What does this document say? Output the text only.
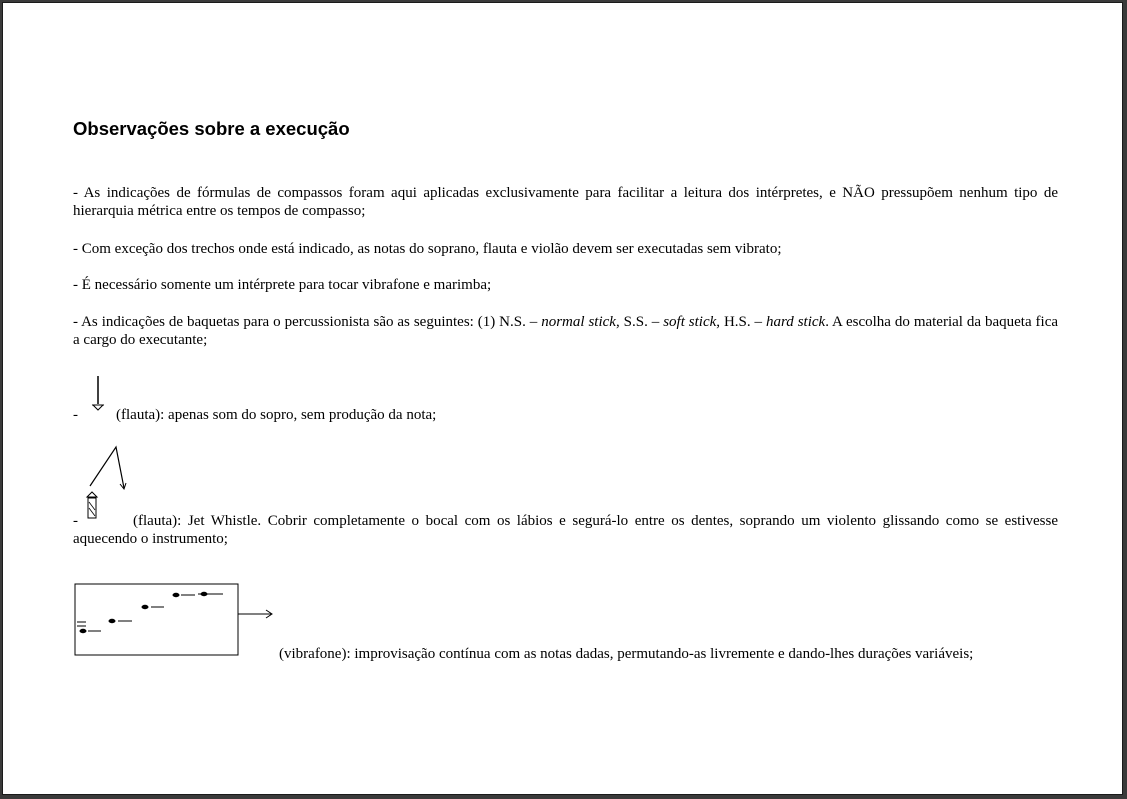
Observações sobre a execução

- As indicações de fórmulas de compassos foram aqui aplicadas exclusivamente para facilitar a leitura dos intérpretes, e NÃO pressupõem nenhum tipo de hierarquia métrica entre os tempos de compasso;

- Com exceção dos trechos onde está indicado, as notas do soprano, flauta e violão devem ser executadas sem vibrato;

- É necessário somente um intérprete para tocar vibrafone e marimba;

- As indicações de baquetas para o percussionista são as seguintes: (1) N.S. – normal stick, S.S. – soft stick, H.S. – hard stick. A escolha do material da baqueta fica a cargo do executante;

-	(flauta): apenas som do sopro, sem produção da nota;

-	(flauta): Jet Whistle. Cobrir completamente o bocal com os lábios e segurá-lo entre os dentes, soprando um violento glissando como se estivesse aquecendo o instrumento;

(vibrafone): improvisação contínua com as notas dadas, permutando-as livremente e dando-lhes durações variáveis;
